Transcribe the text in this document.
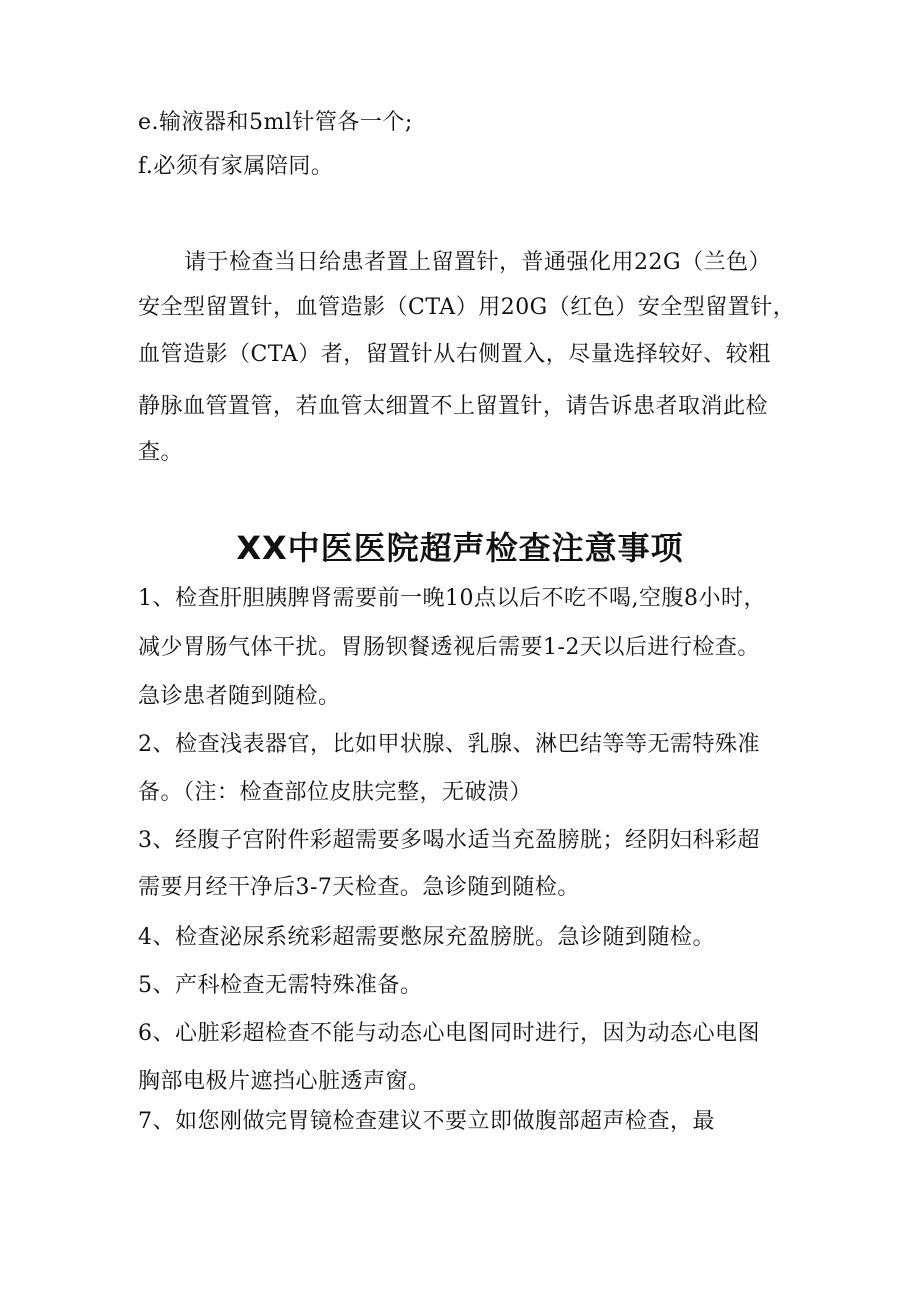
e.输液器和5ml针管各一个;
f.必须有家属陪同。
请于检查当日给患者置上留置针，普通强化用22G（兰色）
安全型留置针，血管造影（CTA）用20G（红色）安全型留置针，
血管造影（CTA）者，留置针从右侧置入，尽量选择较好、较粗
静脉血管置管，若血管太细置不上留置针，请告诉患者取消此检
查。
XX中医医院超声检查注意事项
1、检查肝胆胰脾肾需要前一晚10点以后不吃不喝,空腹8小时，
减少胃肠气体干扰。胃肠钡餐透视后需要1-2天以后进行检查。
急诊患者随到随检。
2、检查浅表器官，比如甲状腺、乳腺、淋巴结等等无需特殊准
备。（注：检查部位皮肤完整，无破溃）
3、经腹子宫附件彩超需要多喝水适当充盈膀胱；经阴妇科彩超
需要月经干净后3-7天检查。急诊随到随检。
4、检查泌尿系统彩超需要憋尿充盈膀胱。急诊随到随检。
5、产科检查无需特殊准备。
6、心脏彩超检查不能与动态心电图同时进行，因为动态心电图
胸部电极片遮挡心脏透声窗。
7、如您刚做完胃镜检查建议不要立即做腹部超声检查，最
